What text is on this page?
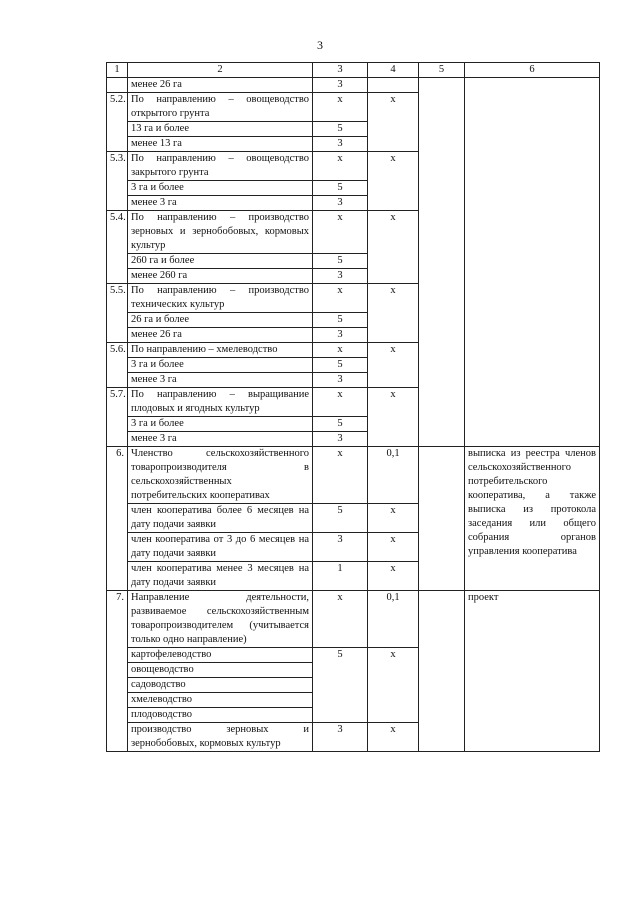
3
1	2	3	4	5	6
	менее 26 га	3			
5.2.	По направлению – овощеводство открытого грунта	х	х		
	13 га и более	5			
	менее 13 га	3			
5.3.	По направлению – овощеводство закрытого грунта	х	х		
	3 га и более	5			
	менее 3 га	3			
5.4.	По направлению – производство зерновых и зернобобовых, кормовых культур	х	х		
	260 га и более	5			
	менее 260 га	3			
5.5.	По направлению – производство технических культур	х	х		
	26 га и более	5			
	менее 26 га	3			
5.6.	По направлению – хмелеводство	х	х		
	3 га и более	5			
	менее 3 га	3			
5.7.	По направлению – выращивание плодовых и ягодных культур	х	х		
	3 га и более	5			
	менее 3 га	3			
6.	Членство сельскохозяйственного товаропроизводителя в сельскохозяйственных потребительских кооперативах	х	0,1		выписка из реестра членов сельскохозяйственного потребительского кооператива, а также выписка из протокола заседания или общего собрания органов управления кооператива
	член кооператива более 6 месяцев на дату подачи заявки	5	х		
	член кооператива от 3 до 6 месяцев на дату подачи заявки	3	х		
	член кооператива менее 3 месяцев на дату подачи заявки	1	х		
7.	Направление деятельности, развиваемое сельскохозяйственным товаропроизводителем (учитывается только одно направление)	х	0,1		проект
	картофелеводство	5	х		
	овощеводство				
	садоводство				
	хмелеводство				
	плодоводство				
	производство зерновых и зернобобовых, кормовых культур	3	х		
